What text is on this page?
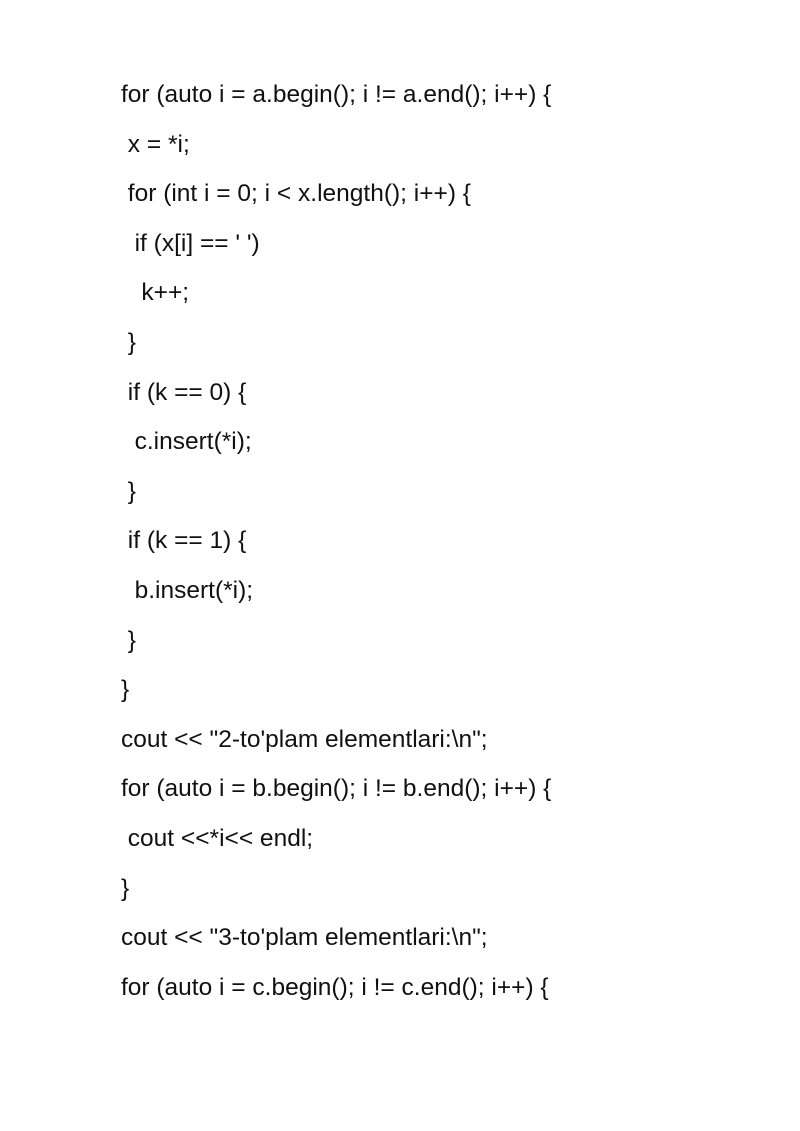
for (auto i = a.begin(); i != a.end(); i++) {
x = *i;
for (int i = 0; i < x.length(); i++) {
if (x[i] == ' ')
k++;
}
if (k == 0) {
c.insert(*i);
}
if (k == 1) {
b.insert(*i);
}
}
cout << "2-to'plam elementlari:\n";
for (auto i = b.begin(); i != b.end(); i++) {
cout <<*i<< endl;
}
cout << "3-to'plam elementlari:\n";
for (auto i = c.begin(); i != c.end(); i++) {
